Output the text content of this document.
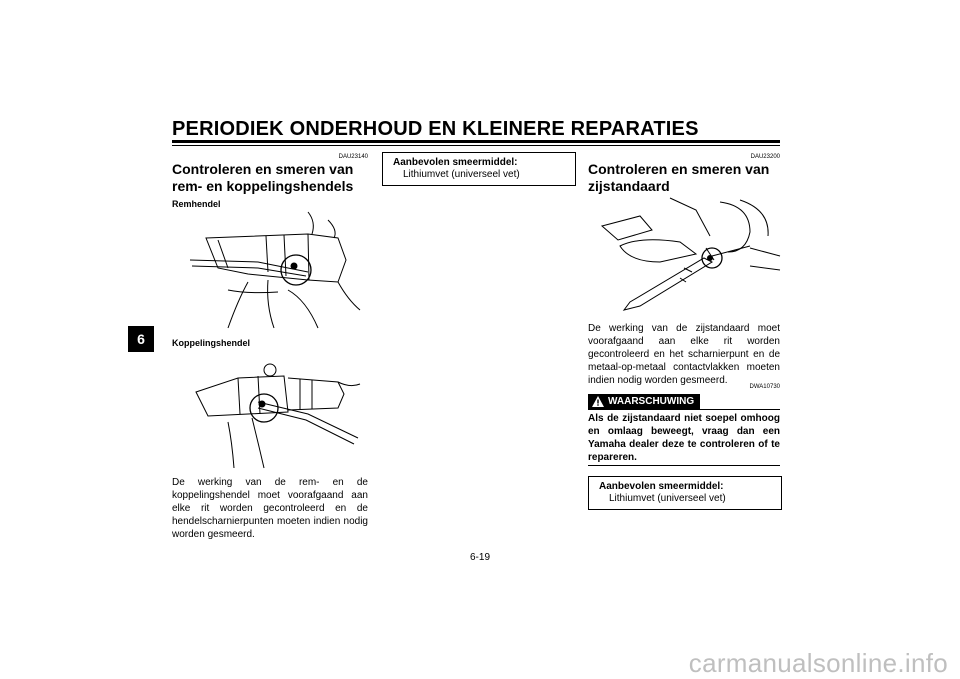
PERIODIEK ONDERHOUD EN KLEINERE REPARATIES
6
DAU23140
Controleren en smeren van rem- en koppelingshendels
Remhendel
Koppelingshendel
De werking van de rem- en de koppelingshendel moet voorafgaand aan elke rit worden gecontroleerd en de hendelscharnierpunten moeten indien nodig worden gesmeerd.
Aanbevolen smeermiddel:
Lithiumvet (universeel vet)
DAU23200
Controleren en smeren van zijstandaard
De werking van de zijstandaard moet voorafgaand aan elke rit worden gecontroleerd en het scharnierpunt en de metaal-op-metaal contactvlakken moeten indien nodig worden gesmeerd.
DWA10730
WAARSCHUWING
Als de zijstandaard niet soepel omhoog en omlaag beweegt, vraag dan een Yamaha dealer deze te controleren of te repareren.
Aanbevolen smeermiddel:
Lithiumvet (universeel vet)
6-19
carmanualsonline.info
